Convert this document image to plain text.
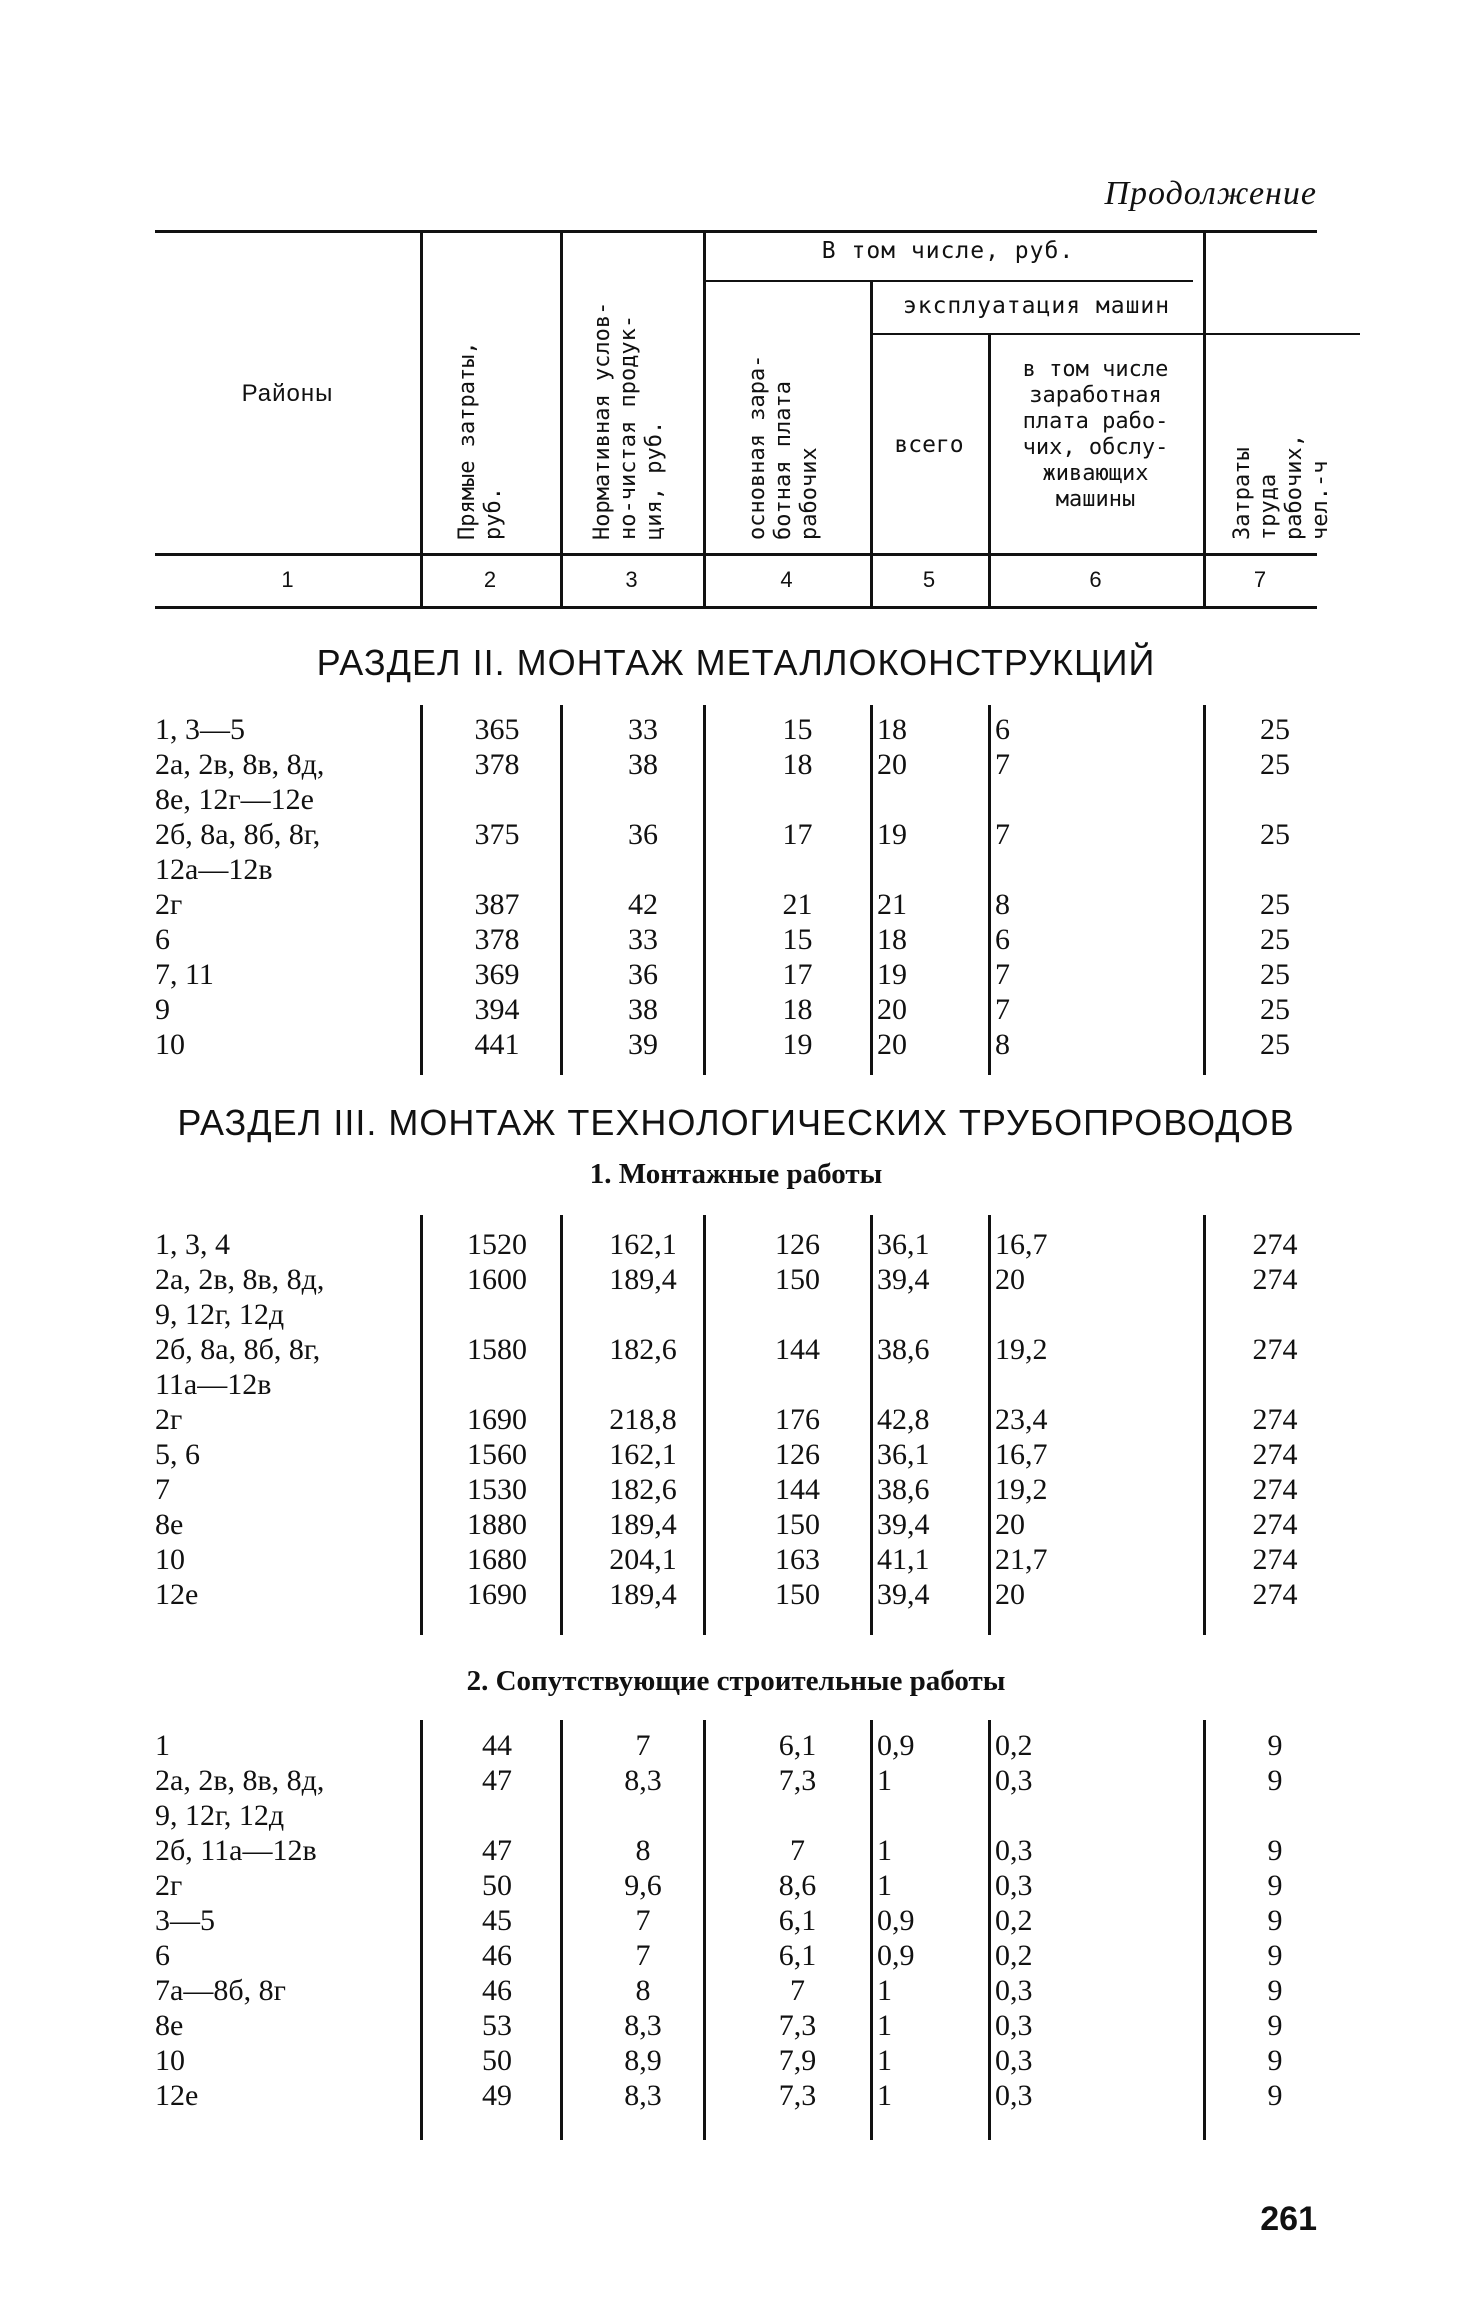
Продолжение
Районы
Прямые затраты,
руб.	Нормативная услов-
но-чистая продук-
ция, руб.
В том числе, руб.
основная зара-
ботная плата
рабочих
эксплуатация машин
всего
в том числе
заработная
плата рабо-
чих, обслу-
живающих
машины	Затраты труда
рабочих, чел.-ч
1	2	3	4	5	6	7
РАЗДЕЛ II. МОНТАЖ МЕТАЛЛОКОНСТРУКЦИЙ
1, 3—5	365	33	15	18	6	25
2а, 2в, 8в, 8д,
8е, 12г—12е
378	38	18	20	7	25
2б, 8а, 8б, 8г,
12а—12в
375	36	17	19	7	25
2г	387	42	21	21	8	25
6	378	33	15	18	6	25
7, 11	369	36	17	19	7	25
9	394	38	18	20	7	25
10	441	39	19	20	8	25
РАЗДЕЛ III. МОНТАЖ ТЕХНОЛОГИЧЕСКИХ ТРУБОПРОВОДОВ
1. Монтажные работы
1, 3, 4	1520	162,1	126	36,1	16,7	274
2а, 2в, 8в, 8д,
9, 12г, 12д
1600	189,4	150	39,4	20	274
2б, 8а, 8б, 8г,
11а—12в
1580	182,6	144	38,6	19,2	274
2г	1690	218,8	176	42,8	23,4	274
5, 6	1560	162,1	126	36,1	16,7	274
7	1530	182,6	144	38,6	19,2	274
8е	1880	189,4	150	39,4	20	274
10	1680	204,1	163	41,1	21,7	274
12е	1690	189,4	150	39,4	20	274
2. Сопутствующие строительные работы
1	44	7	6,1	0,9	0,2	9
2а, 2в, 8в, 8д,
9, 12г, 12д
47	8,3	7,3	1	0,3	9
2б, 11а—12в	47	8	7	1	0,3	9
2г	50	9,6	8,6	1	0,3	9
3—5	45	7	6,1	0,9	0,2	9
6	46	7	6,1	0,9	0,2	9
7а—8б, 8г	46	8	7	1	0,3	9
8е	53	8,3	7,3	1	0,3	9
10	50	8,9	7,9	1	0,3	9
12е	49	8,3	7,3	1	0,3	9
261
